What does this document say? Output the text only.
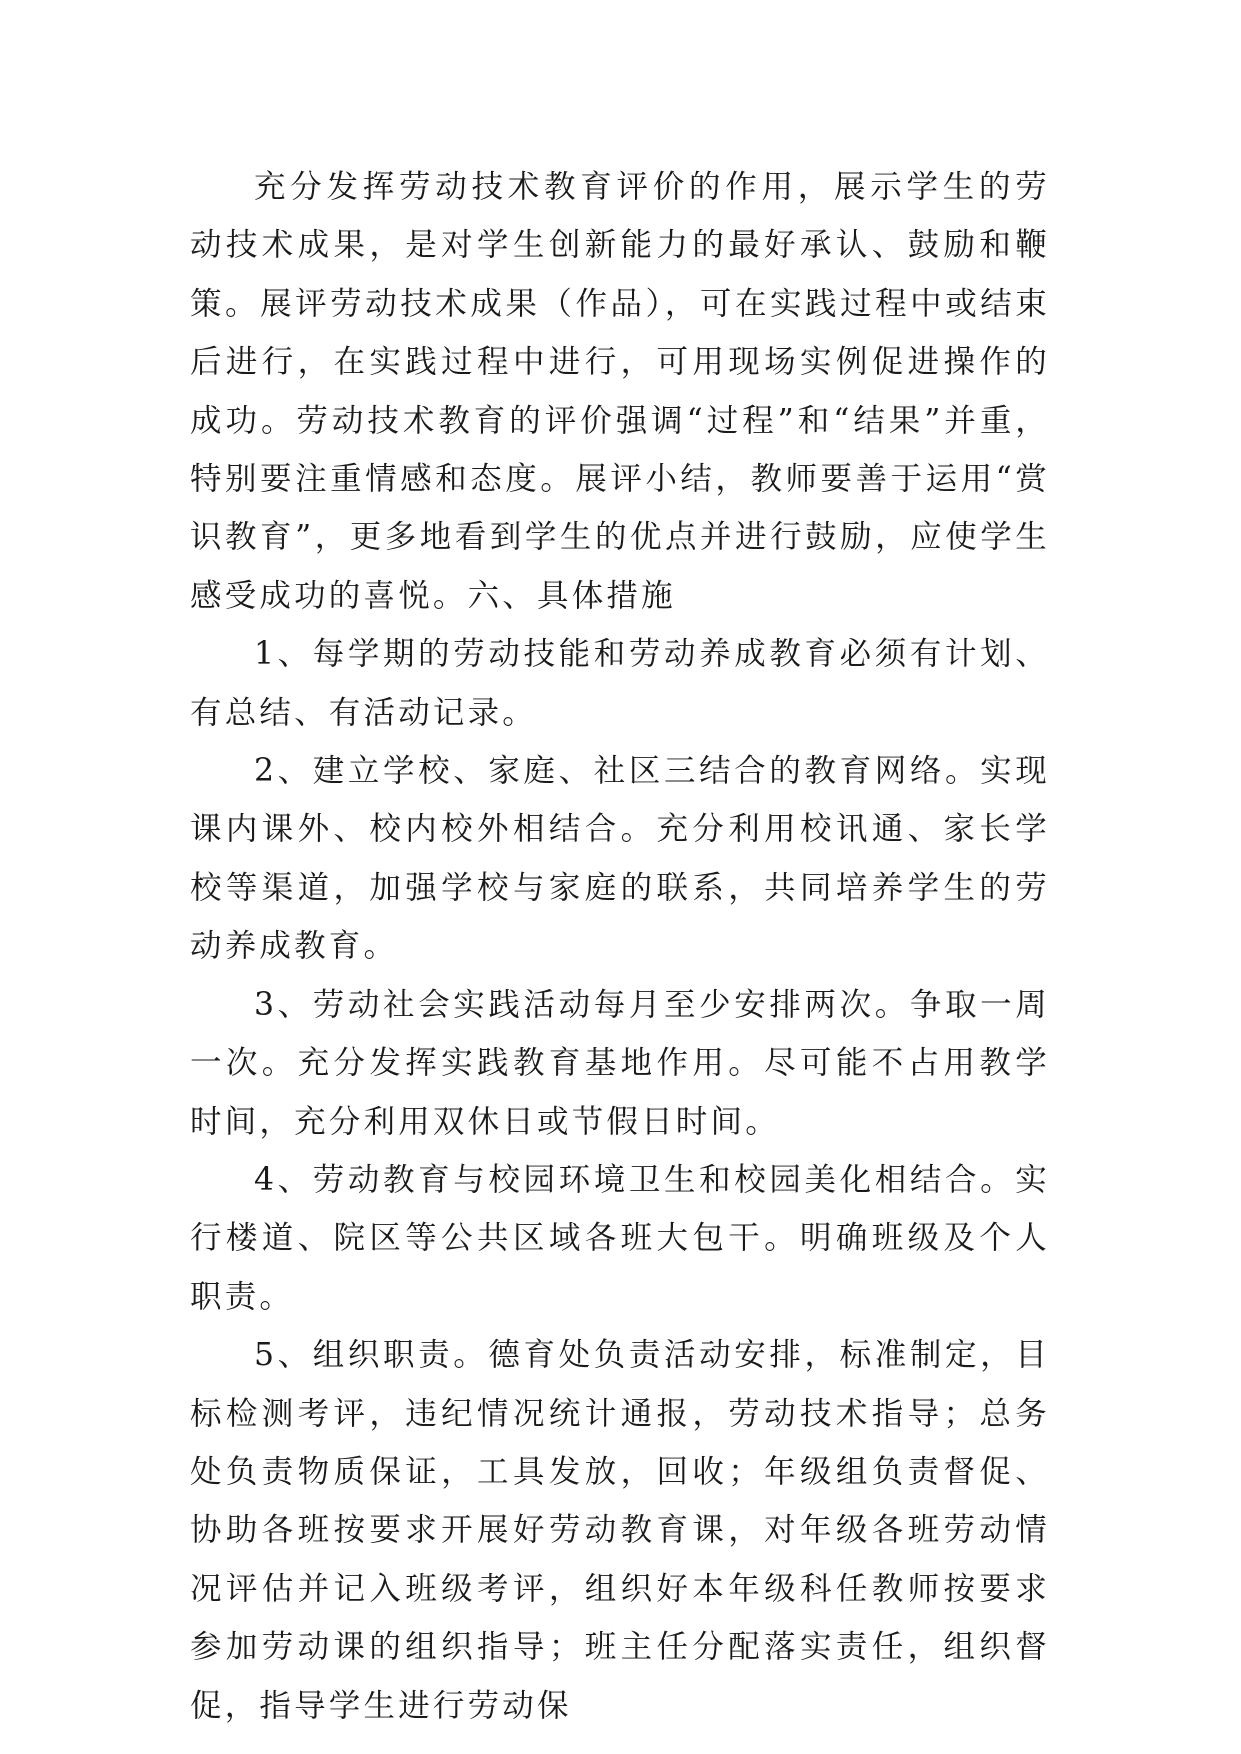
充分发挥劳动技术教育评价的作用，展示学生的劳动技术成果，是对学生创新能力的最好承认、鼓励和鞭策。展评劳动技术成果（作品），可在实践过程中或结束后进行，在实践过程中进行，可用现场实例促进操作的成功。劳动技术教育的评价强调“过程”和“结果”并重，特别要注重情感和态度。展评小结，教师要善于运用“赏识教育”，更多地看到学生的优点并进行鼓励，应使学生感受成功的喜悦。六、具体措施

1、每学期的劳动技能和劳动养成教育必须有计划、有总结、有活动记录。

2、建立学校、家庭、社区三结合的教育网络。实现课内课外、校内校外相结合。充分利用校讯通、家长学校等渠道，加强学校与家庭的联系，共同培养学生的劳动养成教育。

3、劳动社会实践活动每月至少安排两次。争取一周一次。充分发挥实践教育基地作用。尽可能不占用教学时间，充分利用双休日或节假日时间。

4、劳动教育与校园环境卫生和校园美化相结合。实行楼道、院区等公共区域各班大包干。明确班级及个人职责。

5、组织职责。德育处负责活动安排，标准制定，目标检测考评，违纪情况统计通报，劳动技术指导；总务处负责物质保证，工具发放，回收；年级组负责督促、协助各班按要求开展好劳动教育课，对年级各班劳动情况评估并记入班级考评，组织好本年级科任教师按要求参加劳动课的组织指导；班主任分配落实责任，组织督促，指导学生进行劳动保
